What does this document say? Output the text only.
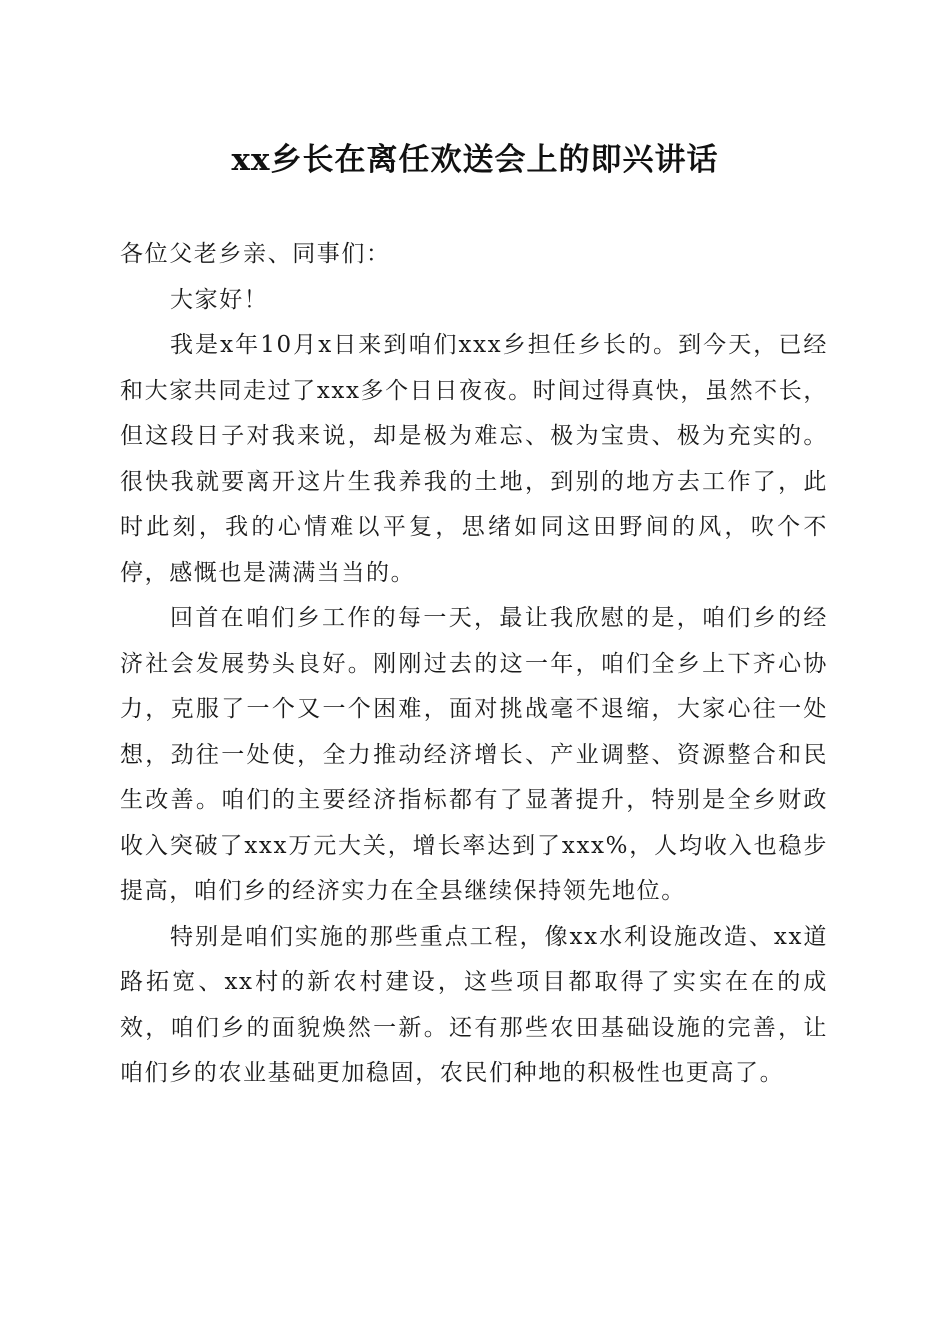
xx乡长在离任欢送会上的即兴讲话

各位父老乡亲、同事们：

大家好！

我是x年10月x日来到咱们xxx乡担任乡长的。到今天，已经和大家共同走过了xxx多个日日夜夜。时间过得真快，虽然不长，但这段日子对我来说，却是极为难忘、极为宝贵、极为充实的。很快我就要离开这片生我养我的土地，到别的地方去工作了，此时此刻，我的心情难以平复，思绪如同这田野间的风，吹个不停，感慨也是满满当当的。

回首在咱们乡工作的每一天，最让我欣慰的是，咱们乡的经济社会发展势头良好。刚刚过去的这一年，咱们全乡上下齐心协力，克服了一个又一个困难，面对挑战毫不退缩，大家心往一处想，劲往一处使，全力推动经济增长、产业调整、资源整合和民生改善。咱们的主要经济指标都有了显著提升，特别是全乡财政收入突破了xxx万元大关，增长率达到了xxx%，人均收入也稳步提高，咱们乡的经济实力在全县继续保持领先地位。

特别是咱们实施的那些重点工程，像xx水利设施改造、xx道路拓宽、xx村的新农村建设，这些项目都取得了实实在在的成效，咱们乡的面貌焕然一新。还有那些农田基础设施的完善，让咱们乡的农业基础更加稳固，农民们种地的积极性也更高了。
